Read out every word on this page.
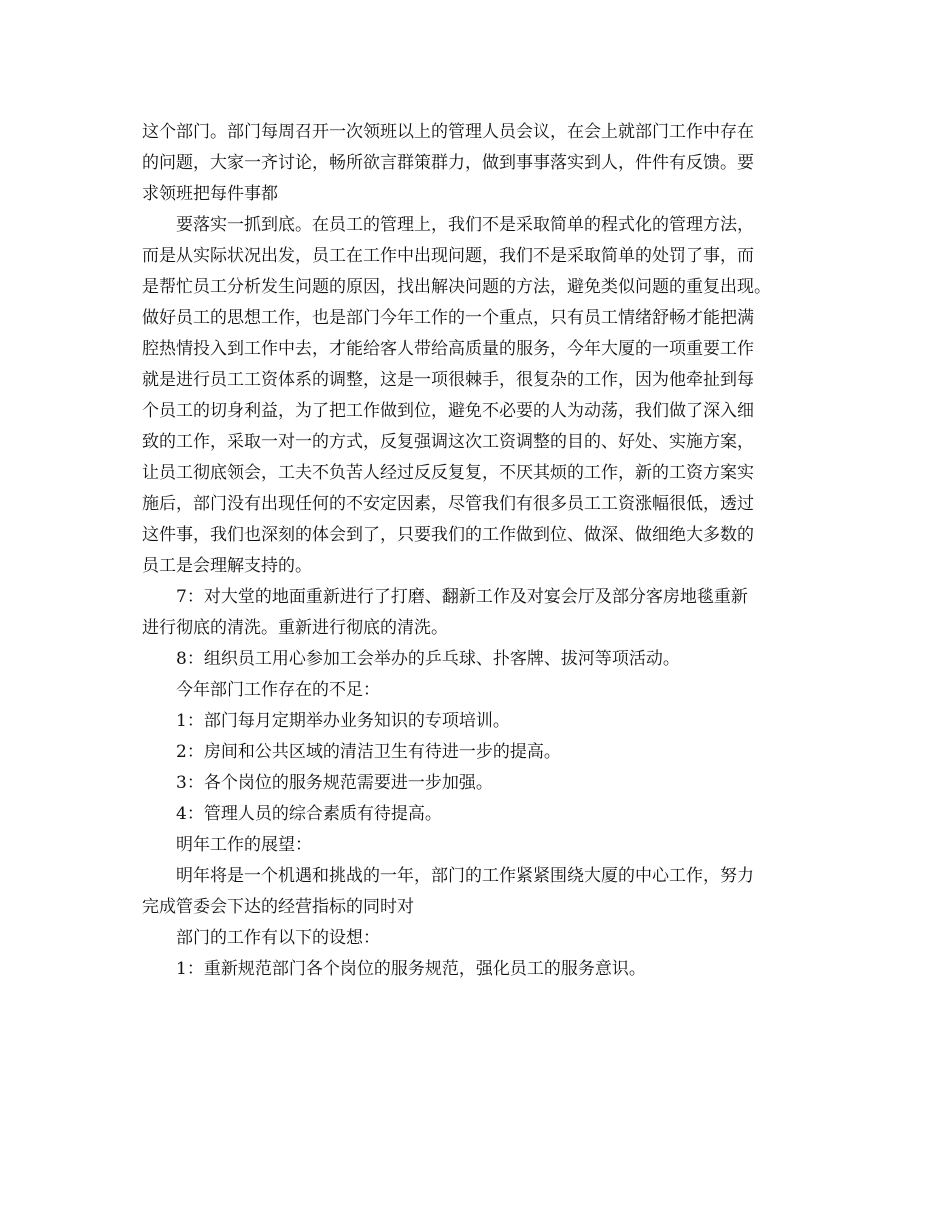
这个部门。部门每周召开一次领班以上的管理人员会议，在会上就部门工作中存在
的问题，大家一齐讨论，畅所欲言群策群力，做到事事落实到人，件件有反馈。要
求领班把每件事都
要落实一抓到底。在员工的管理上，我们不是采取简单的程式化的管理方法，
而是从实际状况出发，员工在工作中出现问题，我们不是采取简单的处罚了事，而
是帮忙员工分析发生问题的原因，找出解决问题的方法，避免类似问题的重复出现。
做好员工的思想工作，也是部门今年工作的一个重点，只有员工情绪舒畅才能把满
腔热情投入到工作中去，才能给客人带给高质量的服务，今年大厦的一项重要工作
就是进行员工工资体系的调整，这是一项很棘手，很复杂的工作，因为他牵扯到每
个员工的切身利益，为了把工作做到位，避免不必要的人为动荡，我们做了深入细
致的工作，采取一对一的方式，反复强调这次工资调整的目的、好处、实施方案，
让员工彻底领会，工夫不负苦人经过反反复复，不厌其烦的工作，新的工资方案实
施后，部门没有出现任何的不安定因素，尽管我们有很多员工工资涨幅很低，透过
这件事，我们也深刻的体会到了，只要我们的工作做到位、做深、做细绝大多数的
员工是会理解支持的。
7：对大堂的地面重新进行了打磨、翻新工作及对宴会厅及部分客房地毯重新
进行彻底的清洗。重新进行彻底的清洗。
8：组织员工用心参加工会举办的乒乓球、扑客牌、拔河等项活动。
今年部门工作存在的不足：
1：部门每月定期举办业务知识的专项培训。
2：房间和公共区域的清洁卫生有待进一步的提高。
3：各个岗位的服务规范需要进一步加强。
4：管理人员的综合素质有待提高。
明年工作的展望：
明年将是一个机遇和挑战的一年，部门的工作紧紧围绕大厦的中心工作，努力
完成管委会下达的经营指标的同时对
部门的工作有以下的设想：
1：重新规范部门各个岗位的服务规范，强化员工的服务意识。
